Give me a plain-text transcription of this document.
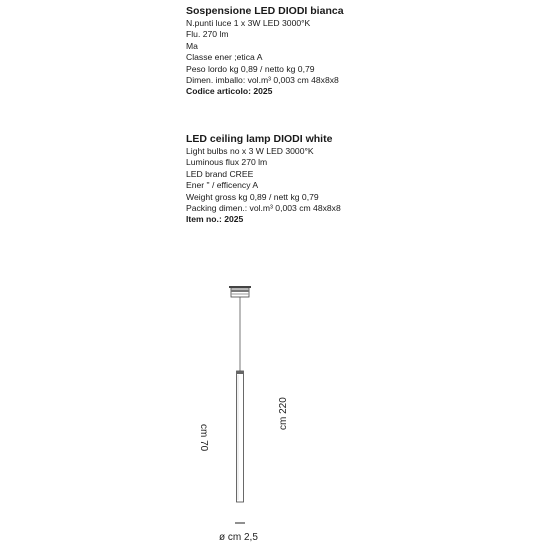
Sospensione LED DIODI bianca
N.punti luce 1 x 3W LED 3000°K
Flu. 270 lm
Ma
Classe ener ;etica A
Peso lordo kg 0,89 / netto kg 0,79
Dimen. imballo: vol.m³ 0,003 cm 48x8x8
Codice articolo: 2025
LED ceiling lamp DIODI white
Light bulbs no x 3 W LED 3000°K
Luminous flux 270 lm
LED brand CREE
Ener " / efficency A
Weight gross kg 0,89 / nett kg 0,79
Packing dimen.: vol.m³ 0,003 cm 48x8x8
Item no.: 2025
cm 220
cm 70
ø cm 2,5
